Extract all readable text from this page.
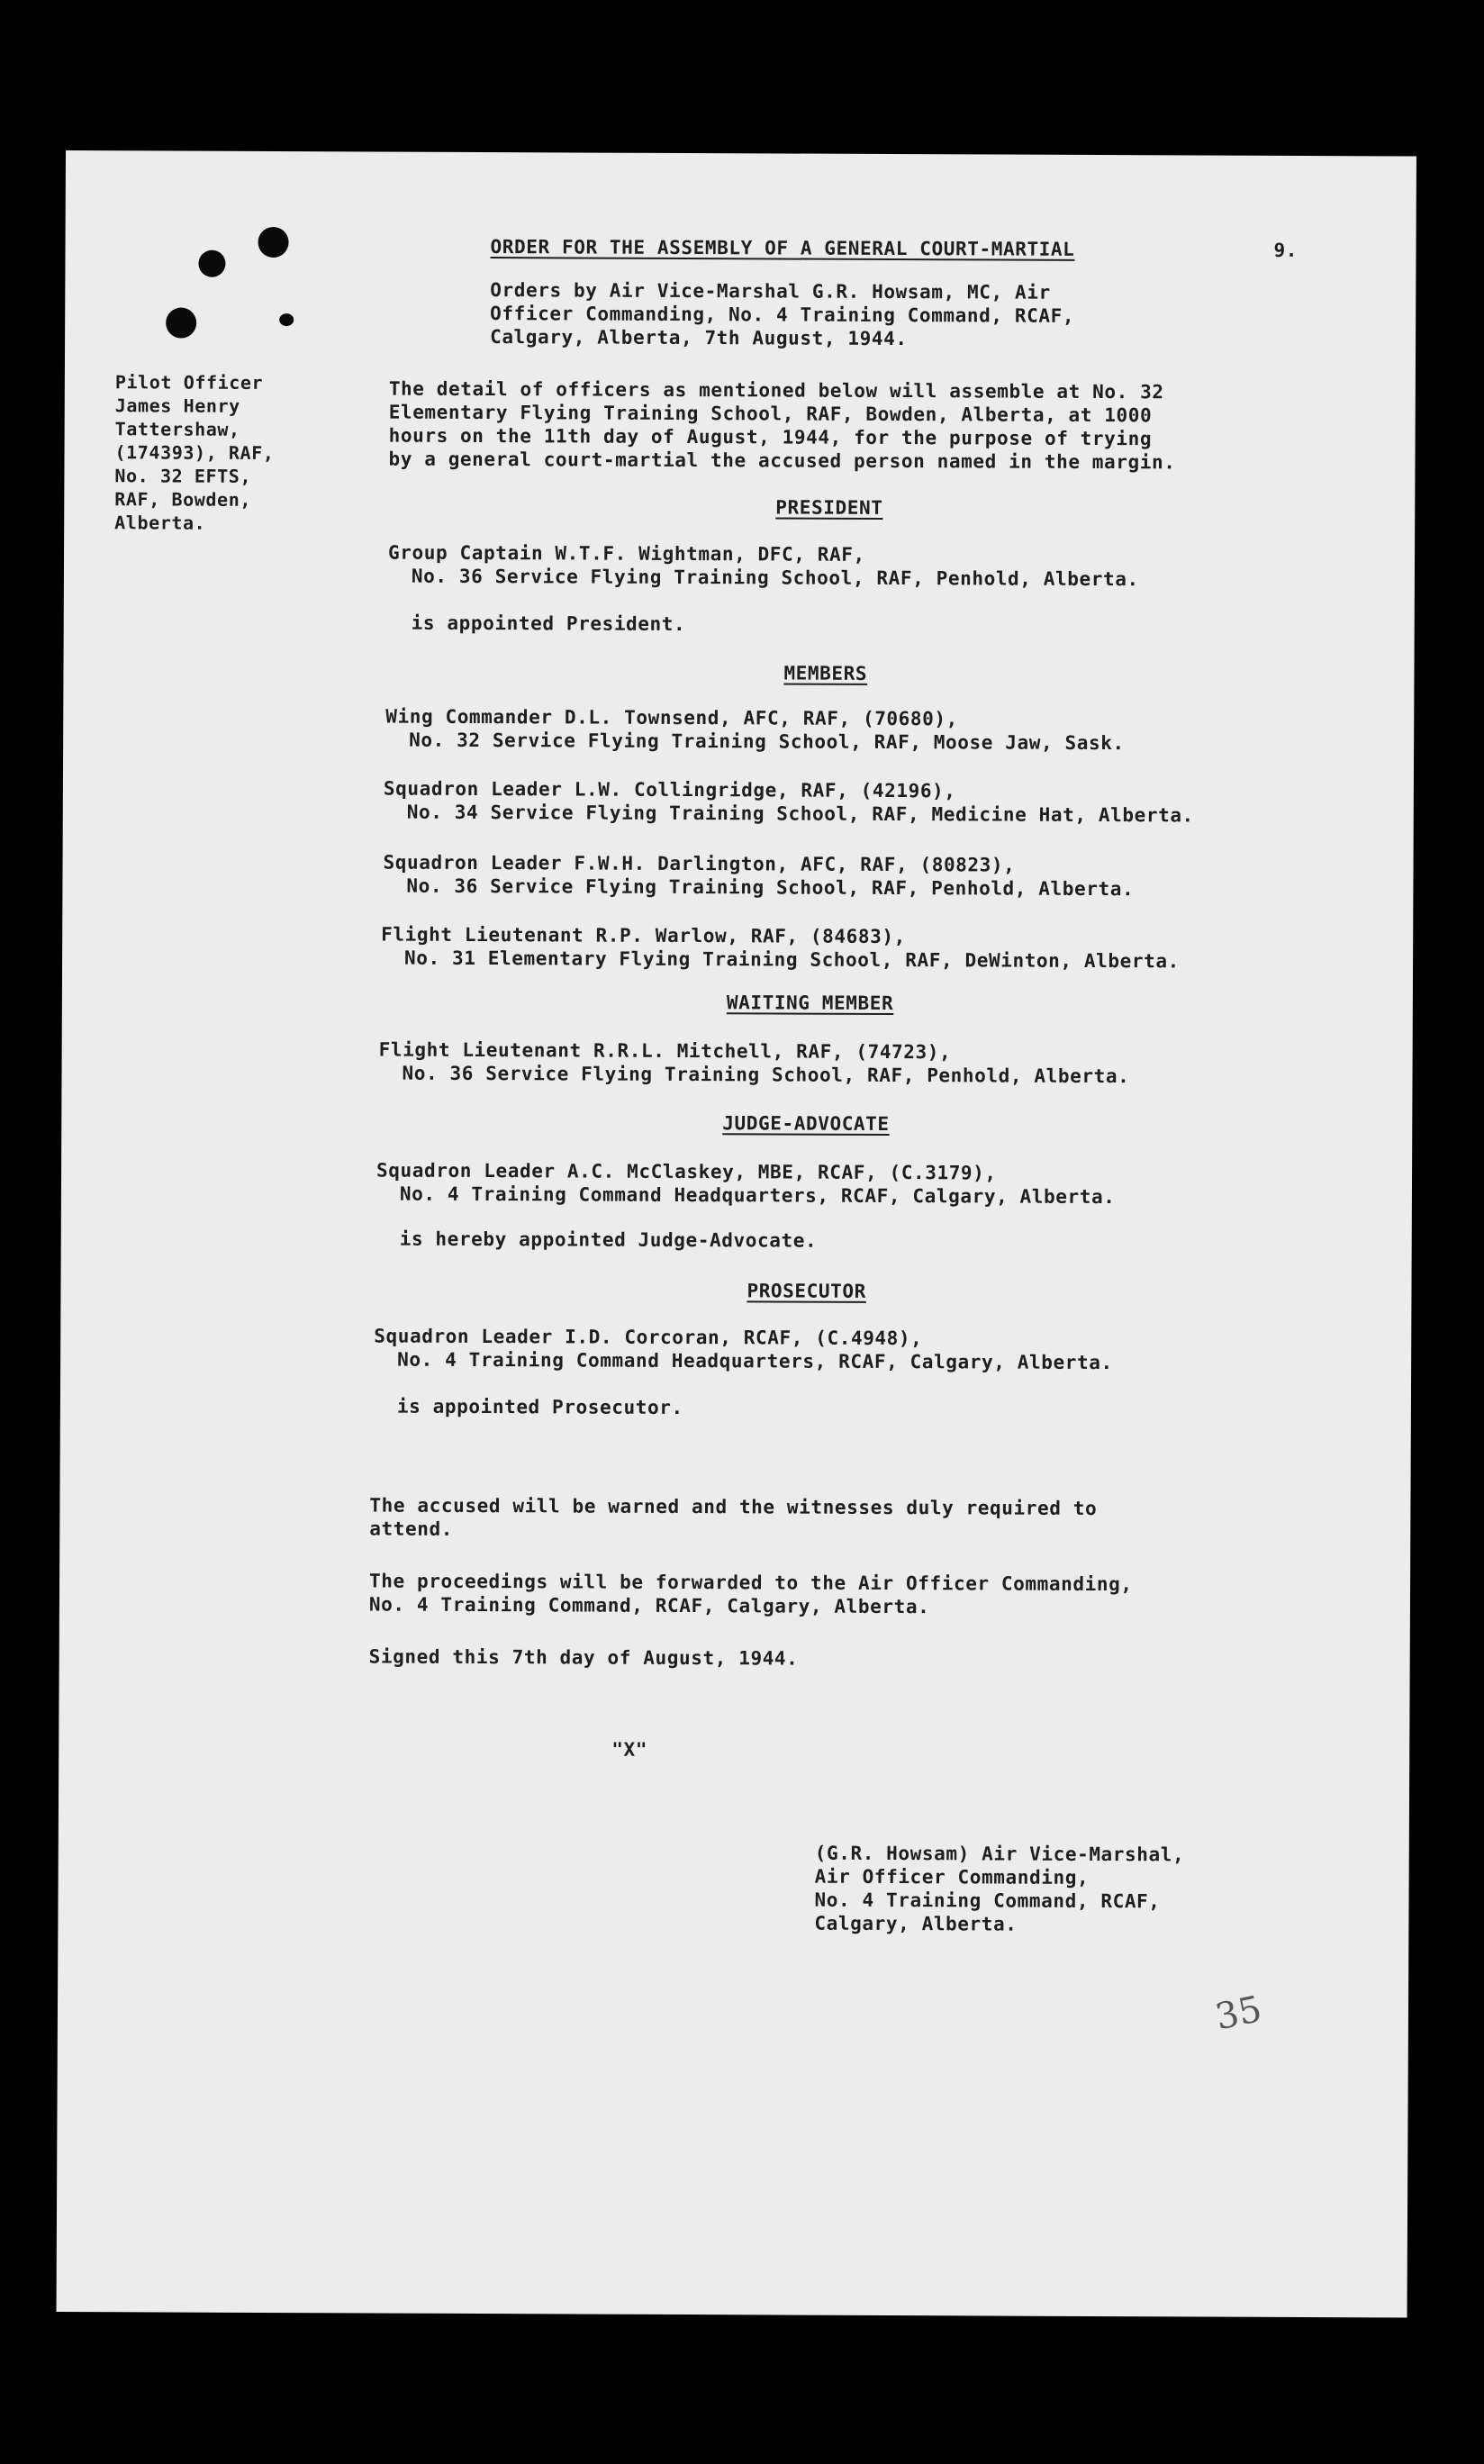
9.
ORDER FOR THE ASSEMBLY OF A GENERAL COURT-MARTIAL
Orders by Air Vice-Marshal G.R. Howsam, MC, Air
Officer Commanding, No. 4 Training Command, RCAF,
Calgary, Alberta, 7th August, 1944.
Pilot Officer
James Henry
Tattershaw,
(174393), RAF,
No. 32 EFTS,
RAF, Bowden,
Alberta.
The detail of officers as mentioned below will assemble at No. 32
Elementary Flying Training School, RAF, Bowden, Alberta, at 1000
hours on the 11th day of August, 1944, for the purpose of trying
by a general court-martial the accused person named in the margin.
PRESIDENT
Group Captain W.T.F. Wightman, DFC, RAF,
No. 36 Service Flying Training School, RAF, Penhold, Alberta.
is appointed President.
MEMBERS
Wing Commander D.L. Townsend, AFC, RAF, (70680),
No. 32 Service Flying Training School, RAF, Moose Jaw, Sask.
Squadron Leader L.W. Collingridge, RAF, (42196),
No. 34 Service Flying Training School, RAF, Medicine Hat, Alberta.
Squadron Leader F.W.H. Darlington, AFC, RAF, (80823),
No. 36 Service Flying Training School, RAF, Penhold, Alberta.
Flight Lieutenant R.P. Warlow, RAF, (84683),
No. 31 Elementary Flying Training School, RAF, DeWinton, Alberta.
WAITING MEMBER
Flight Lieutenant R.R.L. Mitchell, RAF, (74723),
No. 36 Service Flying Training School, RAF, Penhold, Alberta.
JUDGE-ADVOCATE
Squadron Leader A.C. McClaskey, MBE, RCAF, (C.3179),
No. 4 Training Command Headquarters, RCAF, Calgary, Alberta.
is hereby appointed Judge-Advocate.
PROSECUTOR
Squadron Leader I.D. Corcoran, RCAF, (C.4948),
No. 4 Training Command Headquarters, RCAF, Calgary, Alberta.
is appointed Prosecutor.
The accused will be warned and the witnesses duly required to
attend.
The proceedings will be forwarded to the Air Officer Commanding,
No. 4 Training Command, RCAF, Calgary, Alberta.
Signed this 7th day of August, 1944.
"X"
(G.R. Howsam) Air Vice-Marshal,
Air Officer Commanding,
No. 4 Training Command, RCAF,
Calgary, Alberta.
35
